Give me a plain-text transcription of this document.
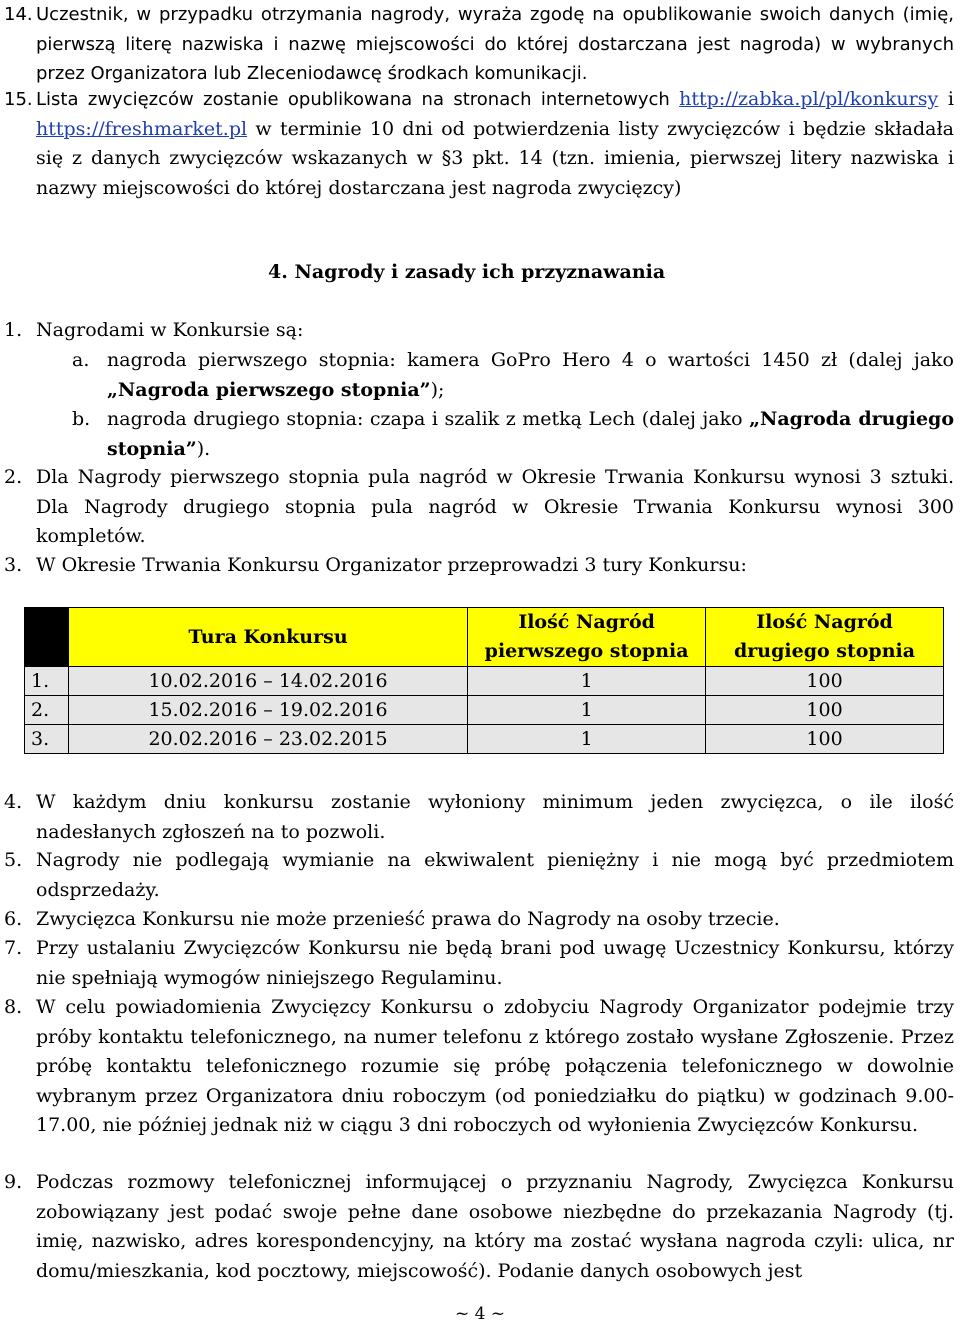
14. Uczestnik, w przypadku otrzymania nagrody, wyraża zgodę na opublikowanie swoich danych (imię, pierwszą literę nazwiska i nazwę miejscowości do której dostarczana jest nagroda) w wybranych przez Organizatora lub Zleceniodawcę środkach komunikacji.
15. Lista zwycięzców zostanie opublikowana na stronach internetowych http://zabka.pl/pl/konkursy i https://freshmarket.pl w terminie 10 dni od potwierdzenia listy zwycięzców i będzie składała się z danych zwycięzców wskazanych w §3 pkt. 14 (tzn. imienia, pierwszej litery nazwiska i nazwy miejscowości do której dostarczana jest nagroda zwycięzcy)
4. Nagrody i zasady ich przyznawania
1. Nagrodami w Konkursie są:
a. nagroda pierwszego stopnia: kamera GoPro Hero 4 o wartości 1450 zł (dalej jako „Nagroda pierwszego stopnia”);
b. nagroda drugiego stopnia: czapa i szalik z metką Lech (dalej jako „Nagroda drugiego stopnia”).
2. Dla Nagrody pierwszego stopnia pula nagród w Okresie Trwania Konkursu wynosi 3 sztuki. Dla Nagrody drugiego stopnia pula nagród w Okresie Trwania Konkursu wynosi 300 kompletów.
3. W Okresie Trwania Konkursu Organizator przeprowadzi 3 tury Konkursu:
	Tura Konkursu	Ilość Nagród pierwszego stopnia	Ilość Nagród drugiego stopnia
1.	10.02.2016 – 14.02.2016	1	100
2.	15.02.2016 – 19.02.2016	1	100
3.	20.02.2016 – 23.02.2015	1	100
4. W każdym dniu konkursu zostanie wyłoniony minimum jeden zwycięzca, o ile ilość nadesłanych zgłoszeń na to pozwoli.
5. Nagrody nie podlegają wymianie na ekwiwalent pieniężny i nie mogą być przedmiotem odsprzedaży.
6. Zwycięzca Konkursu nie może przenieść prawa do Nagrody na osoby trzecie.
7. Przy ustalaniu Zwycięzców Konkursu nie będą brani pod uwagę Uczestnicy Konkursu, którzy nie spełniają wymogów niniejszego Regulaminu.
8. W celu powiadomienia Zwycięzcy Konkursu o zdobyciu Nagrody Organizator podejmie trzy próby kontaktu telefonicznego, na numer telefonu z którego zostało wysłane Zgłoszenie. Przez próbę kontaktu telefonicznego rozumie się próbę połączenia telefonicznego w dowolnie wybranym przez Organizatora dniu roboczym (od poniedziałku do piątku) w godzinach 9.00-17.00, nie później jednak niż w ciągu 3 dni roboczych od wyłonienia Zwycięzców Konkursu.
9. Podczas rozmowy telefonicznej informującej o przyznaniu Nagrody, Zwycięzca Konkursu zobowiązany jest podać swoje pełne dane osobowe niezbędne do przekazania Nagrody (tj. imię, nazwisko, adres korespondencyjny, na który ma zostać wysłana nagroda czyli: ulica, nr domu/mieszkania, kod pocztowy, miejscowość). Podanie danych osobowych jest
~ 4 ~
